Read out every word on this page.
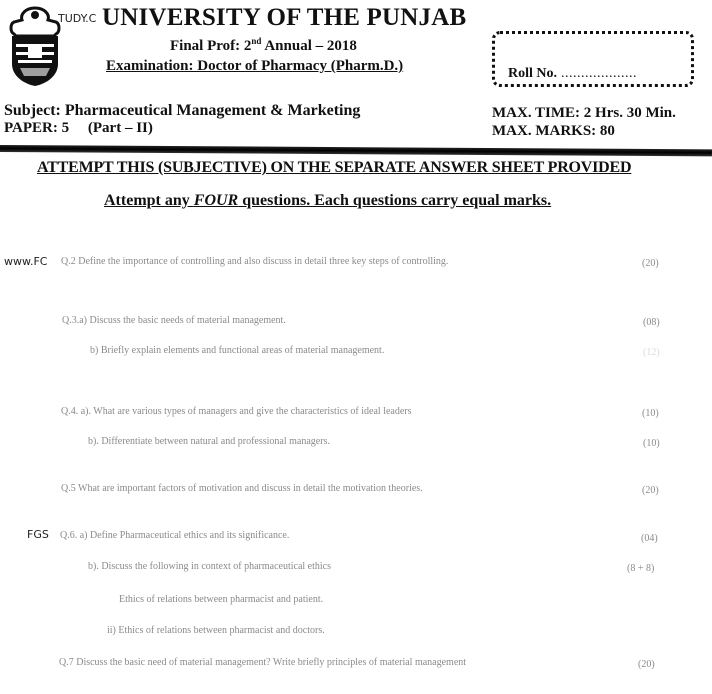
TUDY.C UNIVERSITY OF THE PUNJAB
Final Prof: 2nd Annual – 2018
Examination: Doctor of Pharmacy (Pharm.D.)	Roll No. ...................
Subject: Pharmaceutical Management & Marketing
PAPER: 5     (Part – II)
MAX. TIME: 2 Hrs. 30 Min.
MAX. MARKS: 80
ATTEMPT THIS (SUBJECTIVE) ON THE SEPARATE ANSWER SHEET PROVIDED
Attempt any FOUR questions. Each questions carry equal marks.
www.FC
FGS
Q.2 Define the importance of controlling and also discuss in detail three key steps of controlling.	(20)
Q.3.a) Discuss the basic needs of material management.	(08)
b) Briefly explain elements and functional areas of material management.	(12)
Q.4. a). What are various types of managers and give the characteristics of ideal leaders	(10)
b). Differentiate between natural and professional managers.	(10)
Q.5 What are important factors of motivation and discuss in detail the motivation theories.	(20)
Q.6. a) Define Pharmaceutical ethics and its significance.	(04)
b). Discuss the following in context of pharmaceutical ethics	(8 + 8)
Ethics of relations between pharmacist and patient.
ii) Ethics of relations between pharmacist and doctors.
Q.7 Discuss the basic need of material management? Write briefly principles of material management	(20)
